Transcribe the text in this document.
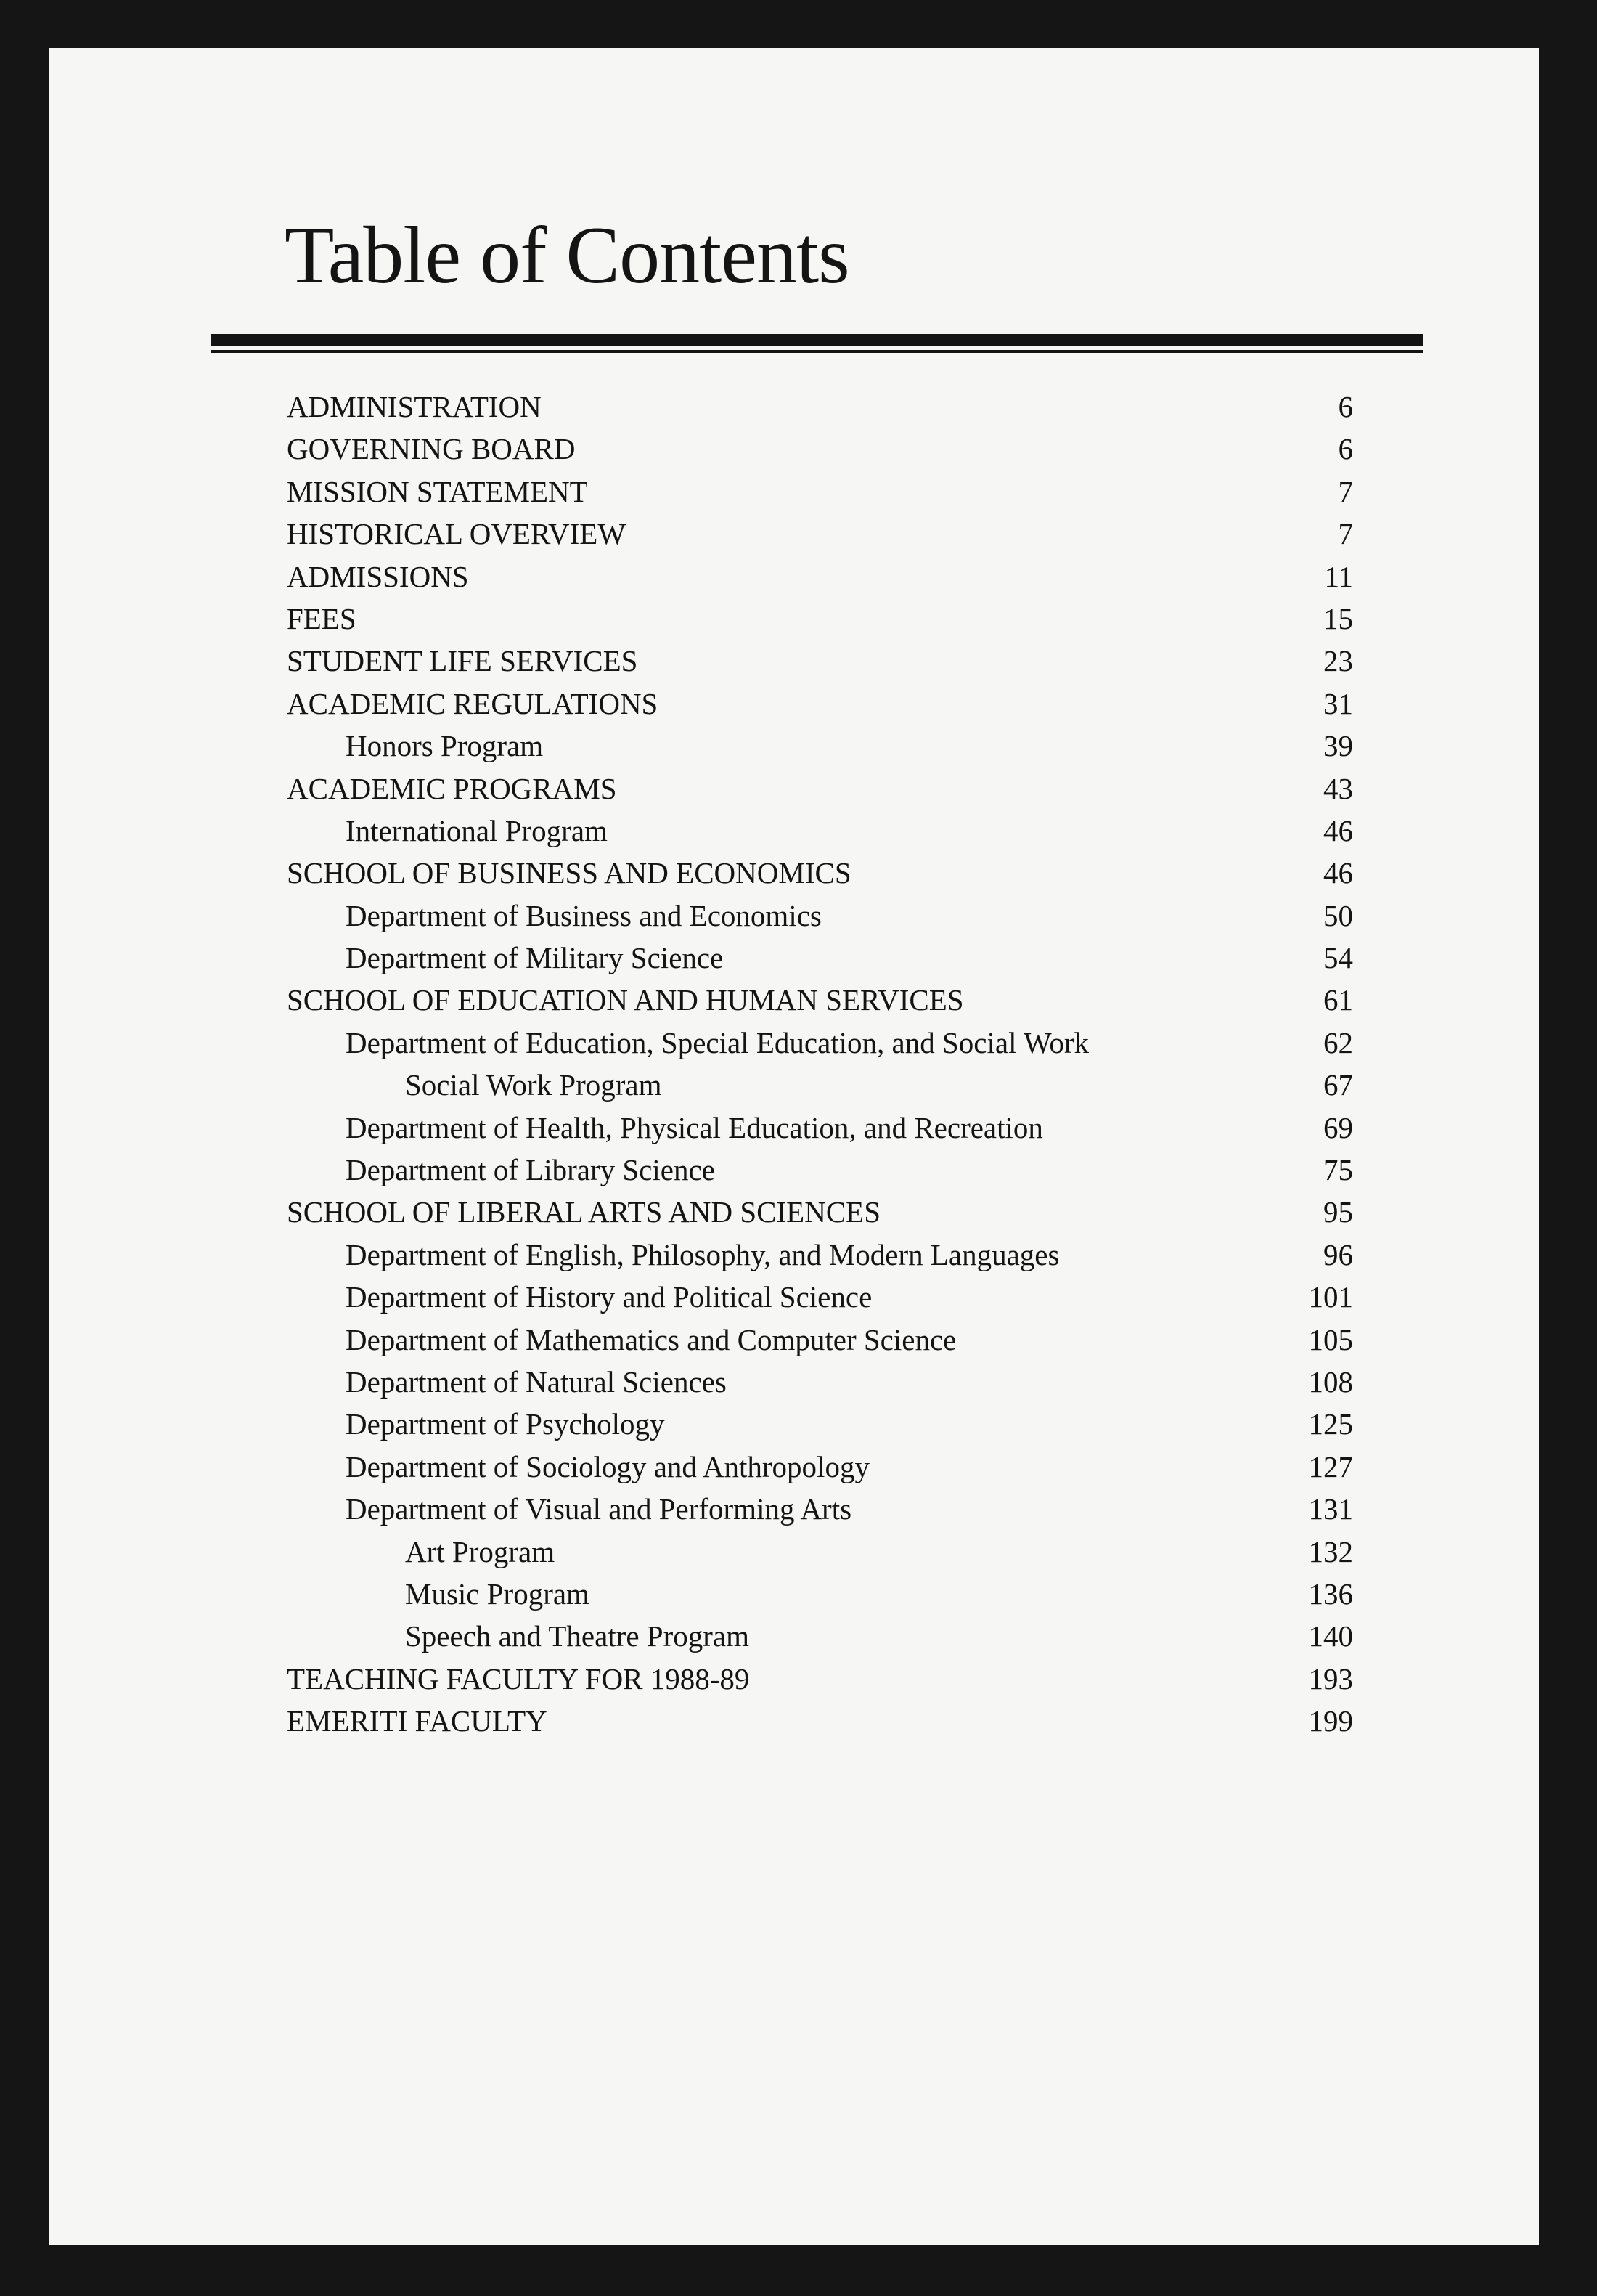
Table of Contents
ADMINISTRATION	6
GOVERNING BOARD	6
MISSION STATEMENT	7
HISTORICAL OVERVIEW	7
ADMISSIONS	11
FEES	15
STUDENT LIFE SERVICES	23
ACADEMIC REGULATIONS	31
Honors Program	39
ACADEMIC PROGRAMS	43
International Program	46
SCHOOL OF BUSINESS AND ECONOMICS	46
Department of Business and Economics	50
Department of Military Science	54
SCHOOL OF EDUCATION AND HUMAN SERVICES	61
Department of Education, Special Education, and Social Work	62
Social Work Program	67
Department of Health, Physical Education, and Recreation	69
Department of Library Science	75
SCHOOL OF LIBERAL ARTS AND SCIENCES	95
Department of English, Philosophy, and Modern Languages	96
Department of History and Political Science	101
Department of Mathematics and Computer Science	105
Department of Natural Sciences	108
Department of Psychology	125
Department of Sociology and Anthropology	127
Department of Visual and Performing Arts	131
Art Program	132
Music Program	136
Speech and Theatre Program	140
TEACHING FACULTY FOR 1988-89	193
EMERITI FACULTY	199
